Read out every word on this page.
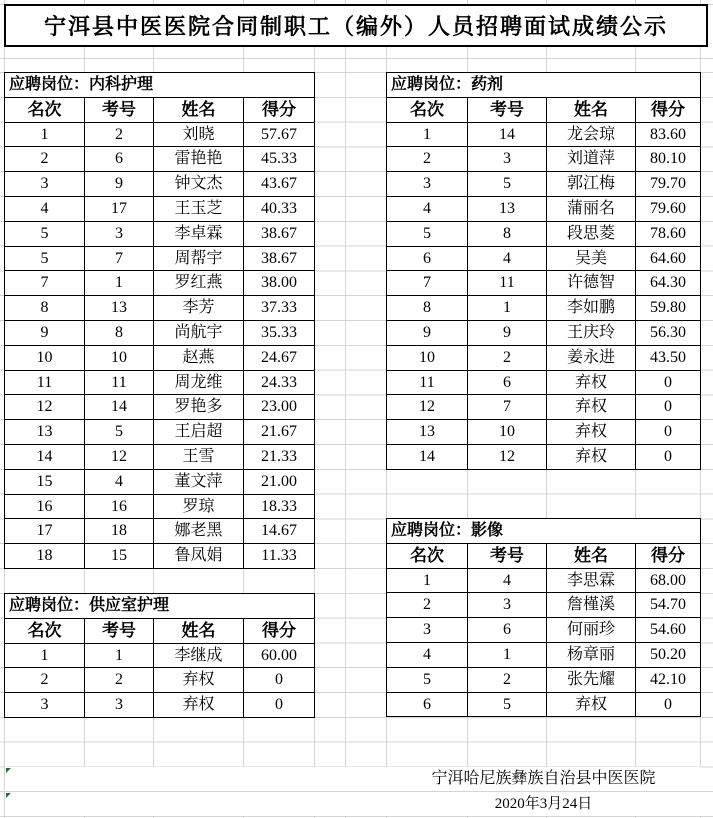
宁洱县中医医院合同制职工（编外）人员招聘面试成绩公示
应聘岗位：内科护理			
名次	考号	姓名	得分
1	2	刘晓	57.67
2	6	雷艳艳	45.33
3	9	钟文杰	43.67
4	17	王玉芝	40.33
5	3	李卓霖	38.67
5	7	周帮宇	38.67
7	1	罗红燕	38.00
8	13	李芳	37.33
9	8	尚航宇	35.33
10	10	赵燕	24.67
11	11	周龙维	24.33
12	14	罗艳多	23.00
13	5	王启超	21.67
14	12	王雪	21.33
15	4	董文萍	21.00
16	16	罗琼	18.33
17	18	娜老黑	14.67
18	15	鲁凤娟	11.33
应聘岗位：药剂			
名次	考号	姓名	得分
1	14	龙会琼	83.60
2	3	刘道萍	80.10
3	5	郭江梅	79.70
4	13	蒲丽名	79.60
5	8	段思菱	78.60
6	4	吴美	64.60
7	11	许德智	64.30
8	1	李如鹏	59.80
9	9	王庆玲	56.30
10	2	姜永进	43.50
11	6	弃权	0
12	7	弃权	0
13	10	弃权	0
14	12	弃权	0
应聘岗位：供应室护理			
名次	考号	姓名	得分
1	1	李继成	60.00
2	2	弃权	0
3	3	弃权	0
应聘岗位：影像			
名次	考号	姓名	得分
1	4	李思霖	68.00
2	3	詹槿溪	54.70
3	6	何丽珍	54.60
4	1	杨章丽	50.20
5	2	张先耀	42.10
6	5	弃权	0
宁洱哈尼族彝族自治县中医医院
2020年3月24日
